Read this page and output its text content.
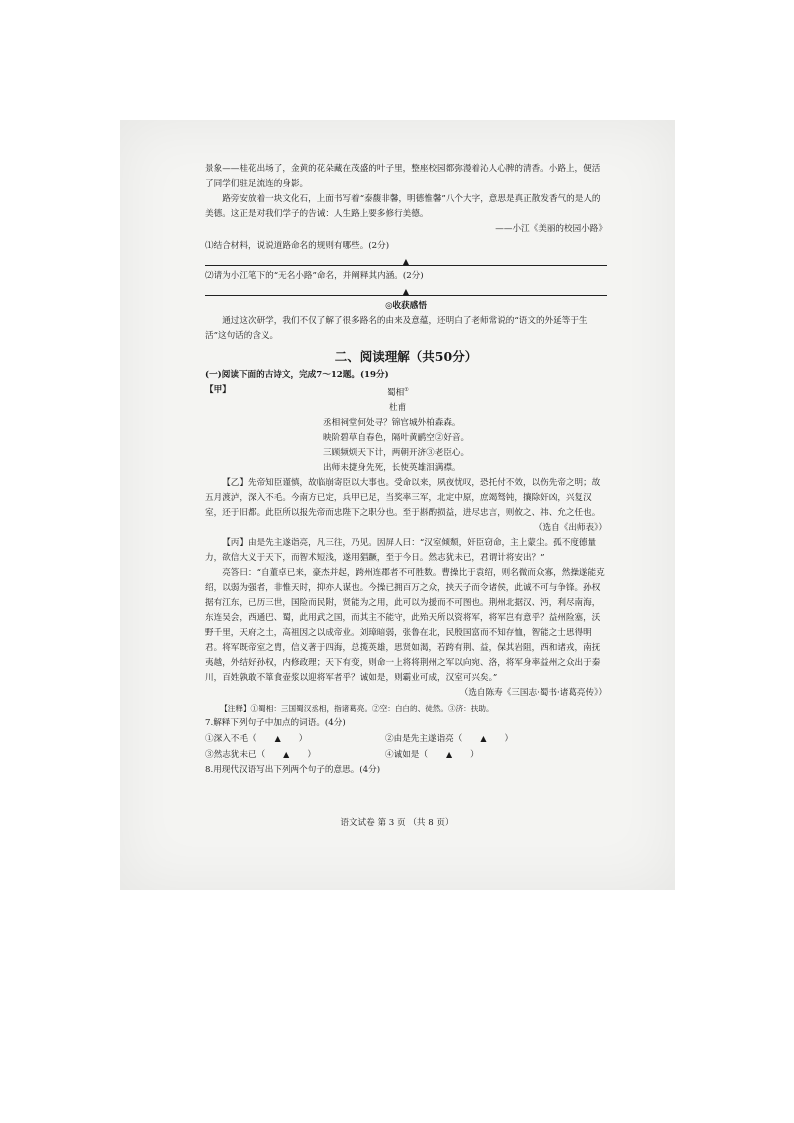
景象——桂花出场了，金黄的花朵藏在茂盛的叶子里，整座校园都弥漫着沁人心脾的清香。小路上，便活了同学们驻足流连的身影。

路旁安放着一块文化石，上面书写着“泰馥非馨，明德惟馨”八个大字，意思是真正散发香气的是人的美德。这正是对我们学子的告诫：人生路上要多修行美德。

——小江《美丽的校园小路》

⑴结合材料，说说道路命名的规则有哪些。(2分)

▲

⑵请为小江笔下的“无名小路”命名，并阐释其内涵。(2分)

▲

◎收获感悟

通过这次研学，我们不仅了解了很多路名的由来及意蕴，还明白了老师常说的“语文的外延等于生活”这句话的含义。

二、阅读理解（共50分）

(一)阅读下面的古诗文，完成7～12题。(19分)

【甲】	蜀相①

杜甫

丞相祠堂何处寻？锦官城外柏森森。

映阶碧草自春色，隔叶黄鹂空②好音。

三顾频烦天下计，两朝开济③老臣心。

出师未捷身先死，长使英雄泪满襟。

【乙】先帝知臣谨慎，故临崩寄臣以大事也。受命以来，夙夜忧叹，恐托付不效，以伤先帝之明；故五月渡泸，深入不毛。今南方已定，兵甲已足，当奖率三军，北定中原，庶竭驽钝，攘除奸凶，兴复汉室，还于旧都。此臣所以报先帝而忠陛下之职分也。至于斟酌损益，进尽忠言，则攸之、祎、允之任也。

（选自《出师表》）

【丙】由是先主遂诣亮，凡三往，乃见。因屏人曰：“汉室倾颓，奸臣窃命，主上蒙尘。孤不度德量力，欲信大义于天下，而智术短浅，遂用猖蹶，至于今日。然志犹未已，君谓计将安出？”

亮答曰：“自董卓已来，豪杰并起，跨州连郡者不可胜数。曹操比于袁绍，则名微而众寡，然操遂能克绍，以弱为强者，非惟天时，抑亦人谋也。今操已拥百万之众，挟天子而令诸侯，此诚不可与争锋。孙权据有江东，已历三世，国险而民附，贤能为之用，此可以为援而不可图也。荆州北据汉、沔，利尽南海，东连吴会，西通巴、蜀，此用武之国，而其主不能守，此殆天所以资将军，将军岂有意乎？益州险塞，沃野千里，天府之土，高祖因之以成帝业。刘璋暗弱，张鲁在北，民殷国富而不知存恤，智能之士思得明君。将军既帝室之胄，信义著于四海，总揽英雄，思贤如渴，若跨有荆、益，保其岩阻，西和诸戎，南抚夷越，外结好孙权，内修政理；天下有变，则命一上将将荆州之军以向宛、洛，将军身率益州之众出于秦川，百姓孰敢不箪食壶浆以迎将军者乎？诚如是，则霸业可成，汉室可兴矣。”

（选自陈寿《三国志·蜀书·诸葛亮传》）

【注释】①蜀相：三国蜀汉丞相，指诸葛亮。②空：白白的、徒然。③济：扶助。

7.解释下列句子中加点的词语。(4分)

①深入不毛（ ▲ ）	②由是先主遂诣亮（ ▲ ）
③然志犹未已（ ▲ ）	④诚如是（ ▲ ）

8.用现代汉语写出下列两个句子的意思。(4分)

语文试卷 第 3 页 （共 8 页）
